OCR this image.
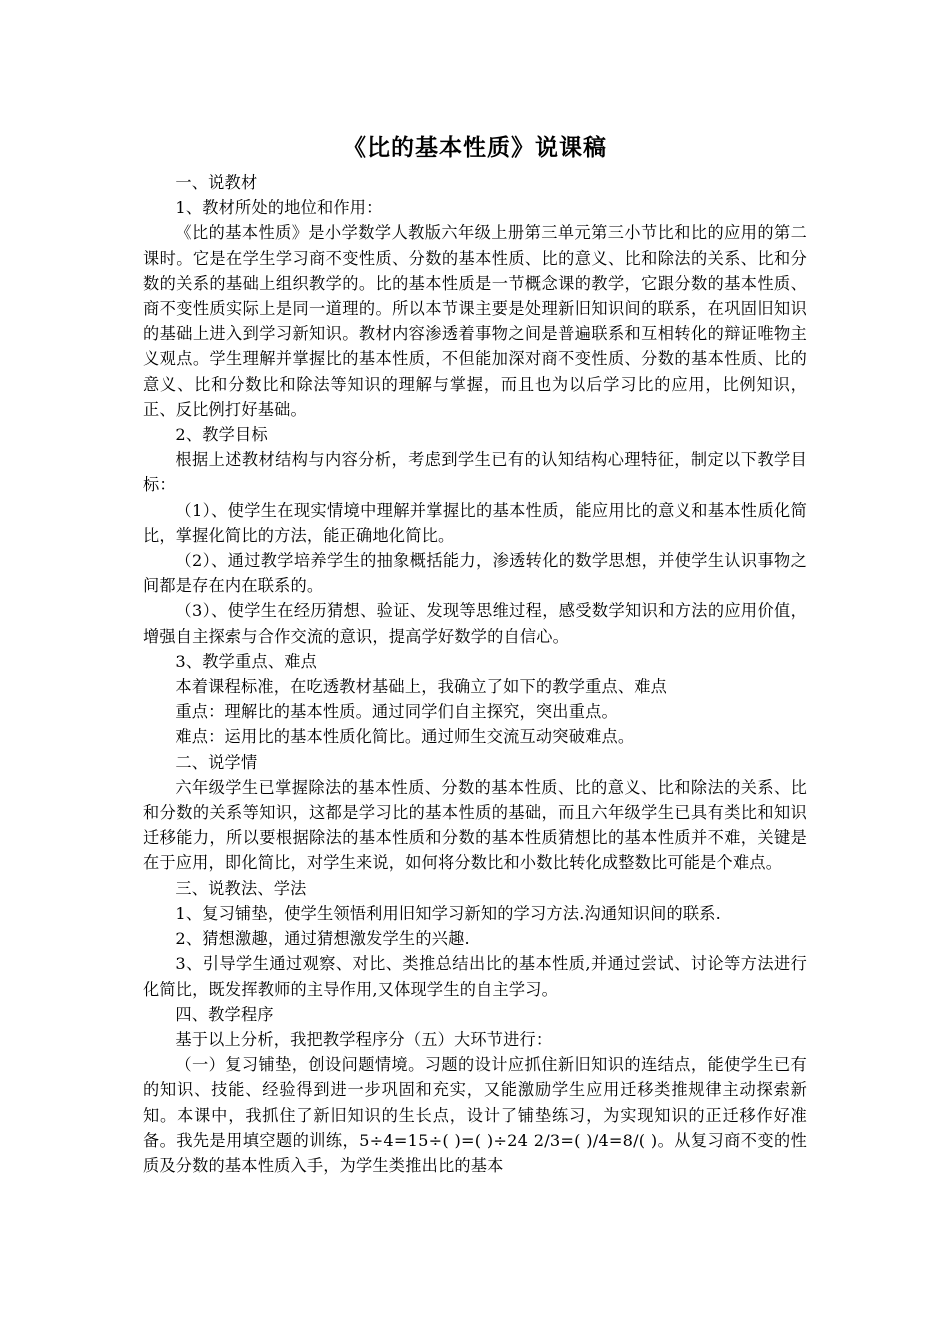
《比的基本性质》说课稿

一、说教材

1、教材所处的地位和作用：

《比的基本性质》是小学数学人教版六年级上册第三单元第三小节比和比的应用的第二课时。它是在学生学习商不变性质、分数的基本性质、比的意义、比和除法的关系、比和分数的关系的基础上组织教学的。比的基本性质是一节概念课的教学，它跟分数的基本性质、商不变性质实际上是同一道理的。所以本节课主要是处理新旧知识间的联系，在巩固旧知识的基础上进入到学习新知识。教材内容渗透着事物之间是普遍联系和互相转化的辩证唯物主义观点。学生理解并掌握比的基本性质，不但能加深对商不变性质、分数的基本性质、比的意义、比和分数比和除法等知识的理解与掌握，而且也为以后学习比的应用，比例知识，正、反比例打好基础。

2、教学目标

根据上述教材结构与内容分析，考虑到学生已有的认知结构心理特征，制定以下教学目标：

（1）、使学生在现实情境中理解并掌握比的基本性质，能应用比的意义和基本性质化简比，掌握化简比的方法，能正确地化简比。

（2）、通过教学培养学生的抽象概括能力，渗透转化的数学思想，并使学生认识事物之间都是存在内在联系的。

（3）、使学生在经历猜想、验证、发现等思维过程，感受数学知识和方法的应用价值，增强自主探索与合作交流的意识，提高学好数学的自信心。

3、教学重点、难点

本着课程标准，在吃透教材基础上，我确立了如下的教学重点、难点

重点：理解比的基本性质。通过同学们自主探究，突出重点。

难点：运用比的基本性质化简比。通过师生交流互动突破难点。

二、说学情

六年级学生已掌握除法的基本性质、分数的基本性质、比的意义、比和除法的关系、比和分数的关系等知识，这都是学习比的基本性质的基础，而且六年级学生已具有类比和知识迁移能力，所以要根据除法的基本性质和分数的基本性质猜想比的基本性质并不难，关键是在于应用，即化简比，对学生来说，如何将分数比和小数比转化成整数比可能是个难点。

三、说教法、学法

1、复习铺垫，使学生领悟利用旧知学习新知的学习方法.沟通知识间的联系.

2、猜想激趣，通过猜想激发学生的兴趣.

3、引导学生通过观察、对比、类推总结出比的基本性质,并通过尝试、讨论等方法进行化简比，既发挥教师的主导作用,又体现学生的自主学习。

四、教学程序

基于以上分析，我把教学程序分（五）大环节进行：

（一）复习铺垫，创设问题情境。习题的设计应抓住新旧知识的连结点，能使学生已有的知识、技能、经验得到进一步巩固和充实，又能激励学生应用迁移类推规律主动探索新知。本课中，我抓住了新旧知识的生长点，设计了铺垫练习，为实现知识的正迁移作好准备。我先是用填空题的训练，5÷4=15÷( )=( )÷24 2/3=( )/4=8/( )。从复习商不变的性质及分数的基本性质入手，为学生类推出比的基本
